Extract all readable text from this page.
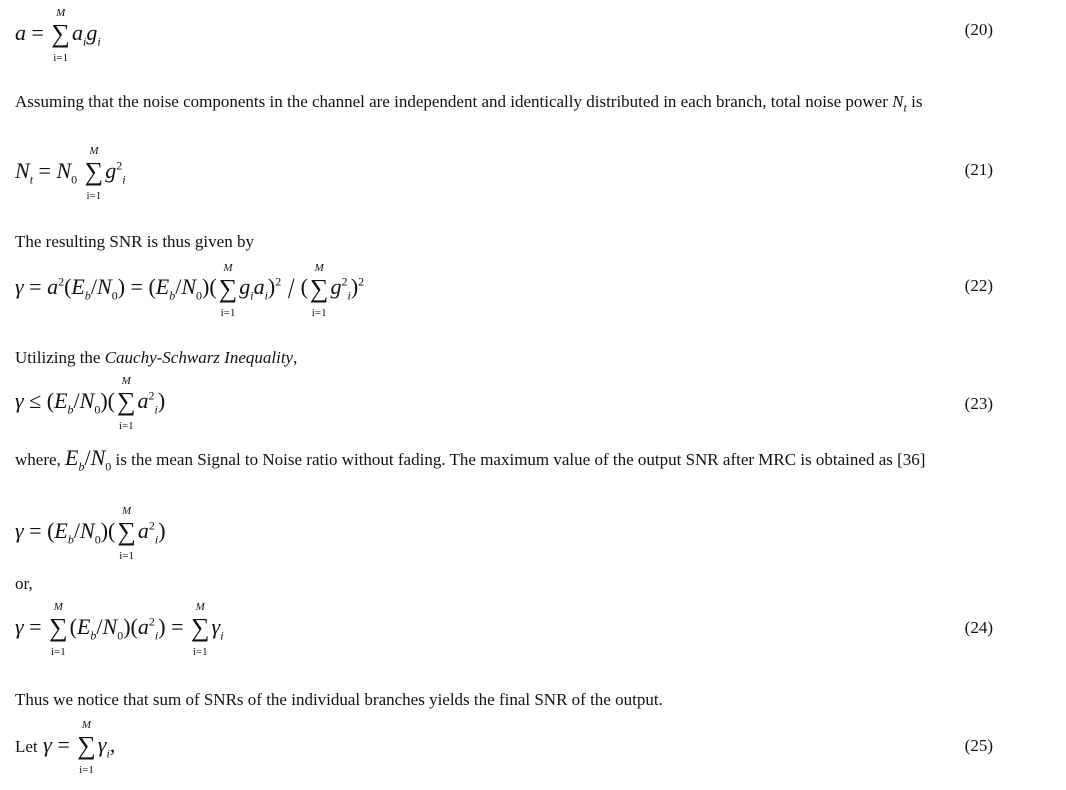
a =
M
∑
i=1
$a_ig_i$
(20)
Assuming that the noise components in the channel are independent and identically distributed in each branch, total noise power $N_t$ is
$N_t = N_0$
M
∑
i=1
$g^2_i$
(21)
The resulting SNR is thus given by
$\gamma = a^2(E_b/N_0) = (E_b/N_0)$(
M
∑
i=1
$g_ia_i)^2$ / (
M
∑
i=1
$g^2_i)^2$	(22)
Utilizing the Cauchy-Schwarz Inequality,
$\gamma \le (E_b/N_0)$(
M
∑
i=1
$a^2_i$)	(23)
where, $E_b/N_0$ is the mean Signal to Noise ratio without fading. The maximum value of the output SNR after MRC is obtained as [36]
$\gamma = (E_b/N_0)$(
M
∑
i=1
$a^2_i$)
or,
γ =
M
∑
i=1
$(E_b/N_0)(a^2_i)$ =
M
∑
i=1
$\gamma_i$	(24)
Thus we notice that sum of SNRs of the individual branches yields the final SNR of the output.
Let γ =
M
∑
i=1
$\gamma_i$,	(25)
